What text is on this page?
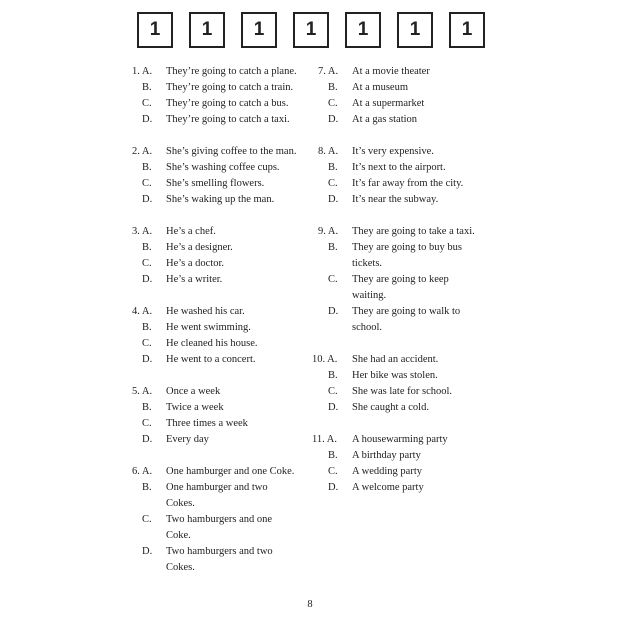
1	1	1	1	1	1	1
1. A. They’re going to catch a plane.
B. They’re going to catch a train.
C. They’re going to catch a bus.
D. They’re going to catch a taxi.
2. A. She’s giving coffee to the man.
B. She’s washing coffee cups.
C. She’s smelling flowers.
D. She’s waking up the man.
3. A. He’s a chef.
B. He’s a designer.
C. He’s a doctor.
D. He’s a writer.
4. A. He washed his car.
B. He went swimming.
C. He cleaned his house.
D. He went to a concert.
5. A. Once a week
B. Twice a week
C. Three times a week
D. Every day
6. A. One hamburger and one Coke.
B. One hamburger and two
Cokes.
C. Two hamburgers and one
Coke.
D. Two hamburgers and two
Cokes.
7. A. At a movie theater
B. At a museum
C. At a supermarket
D. At a gas station
8. A. It’s very expensive.
B. It’s next to the airport.
C. It’s far away from the city.
D. It’s near the subway.
9. A. They are going to take a taxi.
B. They are going to buy bus
tickets.
C. They are going to keep
waiting.
D. They are going to walk to
school.
10. A. She had an accident.
B. Her bike was stolen.
C. She was late for school.
D. She caught a cold.
11. A. A housewarming party
B. A birthday party
C. A wedding party
D. A welcome party
8
